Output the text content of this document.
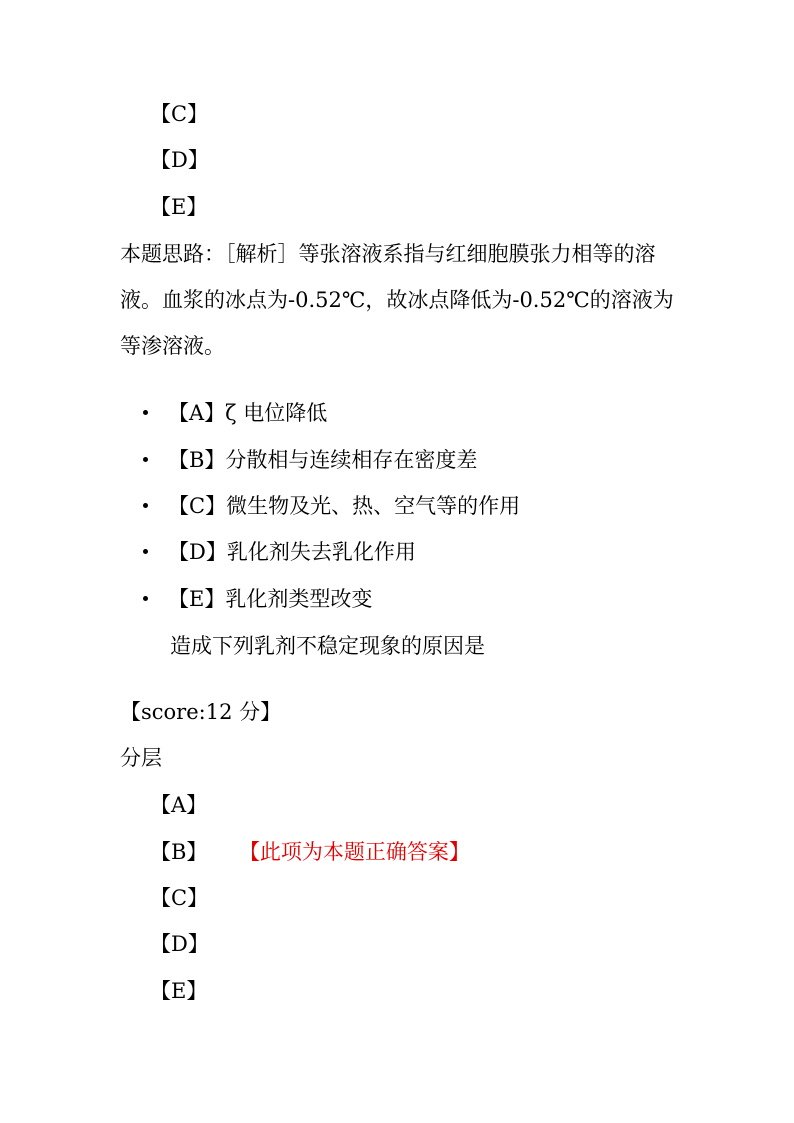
【C】
【D】
【E】
本题思路：［解析］等张溶液系指与红细胞膜张力相等的溶液。血浆的冰点为-0.52℃，故冰点降低为-0.52℃的溶液为等渗溶液。
【A】ζ 电位降低
【B】分散相与连续相存在密度差
【C】微生物及光、热、空气等的作用
【D】乳化剂失去乳化作用
【E】乳化剂类型改变
造成下列乳剂不稳定现象的原因是
【score:12 分】
分层
【A】
【B】 【此项为本题正确答案】
【C】
【D】
【E】
